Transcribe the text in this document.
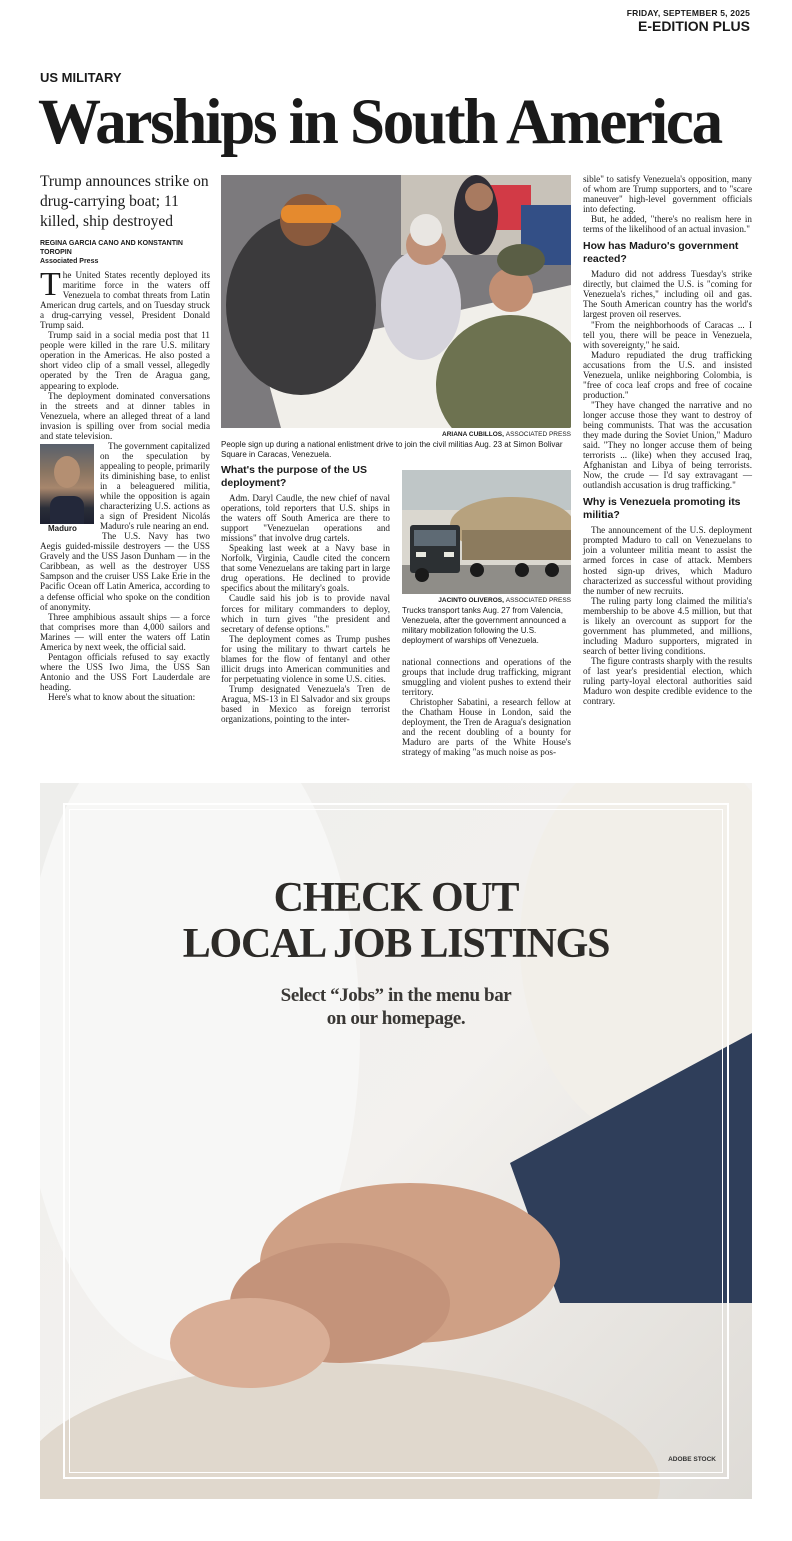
FRIDAY, SEPTEMBER 5, 2025
E-EDITION PLUS
US MILITARY
Warships in South America
Trump announces strike on drug-carrying boat; 11 killed, ship destroyed
REGINA GARCIA CANO AND KONSTANTIN TOROPIN
Associated Press

The United States recently deployed its maritime force in the waters off Venezuela to combat threats from Latin American drug cartels, and on Tuesday struck a drug-carrying vessel, President Donald Trump said.

Trump said in a social media post that 11 people were killed in the rare U.S. military operation in the Americas. He also posted a short video clip of a small vessel, allegedly operated by the Tren de Aragua gang, appearing to explode.

The deployment dominated conversations in the streets and at dinner tables in Venezuela, where an alleged threat of a land invasion is spilling over from social media and state television.

Maduro
The government capitalized on the speculation by appealing to people, primarily its diminishing base, to enlist in a beleaguered militia, while the opposition is again characterizing U.S. actions as a sign of President Nicolás Maduro's rule nearing an end.

The U.S. Navy has two Aegis guided-missile destroyers — the USS Gravely and the USS Jason Dunham — in the Caribbean, as well as the destroyer USS Sampson and the cruiser USS Lake Erie in the Pacific Ocean off Latin America, according to a defense official who spoke on the condition of anonymity.

Three amphibious assault ships — a force that comprises more than 4,000 sailors and Marines — will enter the waters off Latin America by next week, the official said.

Pentagon officials refused to say exactly where the USS Iwo Jima, the USS San Antonio and the USS Fort Lauderdale are heading.

Here's what to know about the situation:

ARIANA CUBILLOS, ASSOCIATED PRESS
People sign up during a national enlistment drive to join the civil militias Aug. 23 at Simon Bolivar Square in Caracas, Venezuela.
What's the purpose of the US deployment?

Adm. Daryl Caudle, the new chief of naval operations, told reporters that U.S. ships in the waters off South America are there to support "Venezuelan operations and missions" that involve drug cartels.

Speaking last week at a Navy base in Norfolk, Virginia, Caudle cited the concern that some Venezuelans are taking part in large drug operations. He declined to provide specifics about the military's goals.

Caudle said his job is to provide naval forces for military commanders to deploy, which in turn gives "the president and secretary of defense options."

The deployment comes as Trump pushes for using the military to thwart cartels he blames for the flow of fentanyl and other illicit drugs into American communities and for perpetuating violence in some U.S. cities.

Trump designated Venezuela's Tren de Aragua, MS-13 in El Salvador and six groups based in Mexico as foreign terrorist organizations, pointing to the inter-

JACINTO OLIVEROS, ASSOCIATED PRESS
Trucks transport tanks Aug. 27 from Valencia, Venezuela, after the government announced a military mobilization following the U.S. deployment of warships off Venezuela.

national connections and operations of the groups that include drug trafficking, migrant smuggling and violent pushes to extend their territory.

Christopher Sabatini, a research fellow at the Chatham House in London, said the deployment, the Tren de Aragua's designation and the recent doubling of a bounty for Maduro are parts of the White House's strategy of making "as much noise as pos-

sible" to satisfy Venezuela's opposition, many of whom are Trump supporters, and to "scare maneuver" high-level government officials into defecting.

But, he added, "there's no realism here in terms of the likelihood of an actual invasion."

How has Maduro's government reacted?

Maduro did not address Tuesday's strike directly, but claimed the U.S. is "coming for Venezuela's riches," including oil and gas. The South American country has the world's largest proven oil reserves.

"From the neighborhoods of Caracas ... I tell you, there will be peace in Venezuela, with sovereignty," he said.

Maduro repudiated the drug trafficking accusations from the U.S. and insisted Venezuela, unlike neighboring Colombia, is "free of coca leaf crops and free of cocaine production."

"They have changed the narrative and no longer accuse those they want to destroy of being communists. That was the accusation they made during the Soviet Union," Maduro said. "They no longer accuse them of being terrorists ... (like) when they accused Iraq, Afghanistan and Libya of being terrorists. Now, the crude — I'd say extravagant — outlandish accusation is drug trafficking."

Why is Venezuela promoting its militia?

The announcement of the U.S. deployment prompted Maduro to call on Venezuelans to join a volunteer militia meant to assist the armed forces in case of attack. Members hosted sign-up drives, which Maduro characterized as successful without providing the number of new recruits.

The ruling party long claimed the militia's membership to be above 4.5 million, but that is likely an overcount as support for the government has plummeted, and millions, including Maduro supporters, migrated in search of better living conditions.

The figure contrasts sharply with the results of last year's presidential election, which ruling party-loyal electoral authorities said Maduro won despite credible evidence to the contrary.

CHECK OUT
LOCAL JOB LISTINGS
Select “Jobs” in the menu bar
on our homepage.
ADOBE STOCK
